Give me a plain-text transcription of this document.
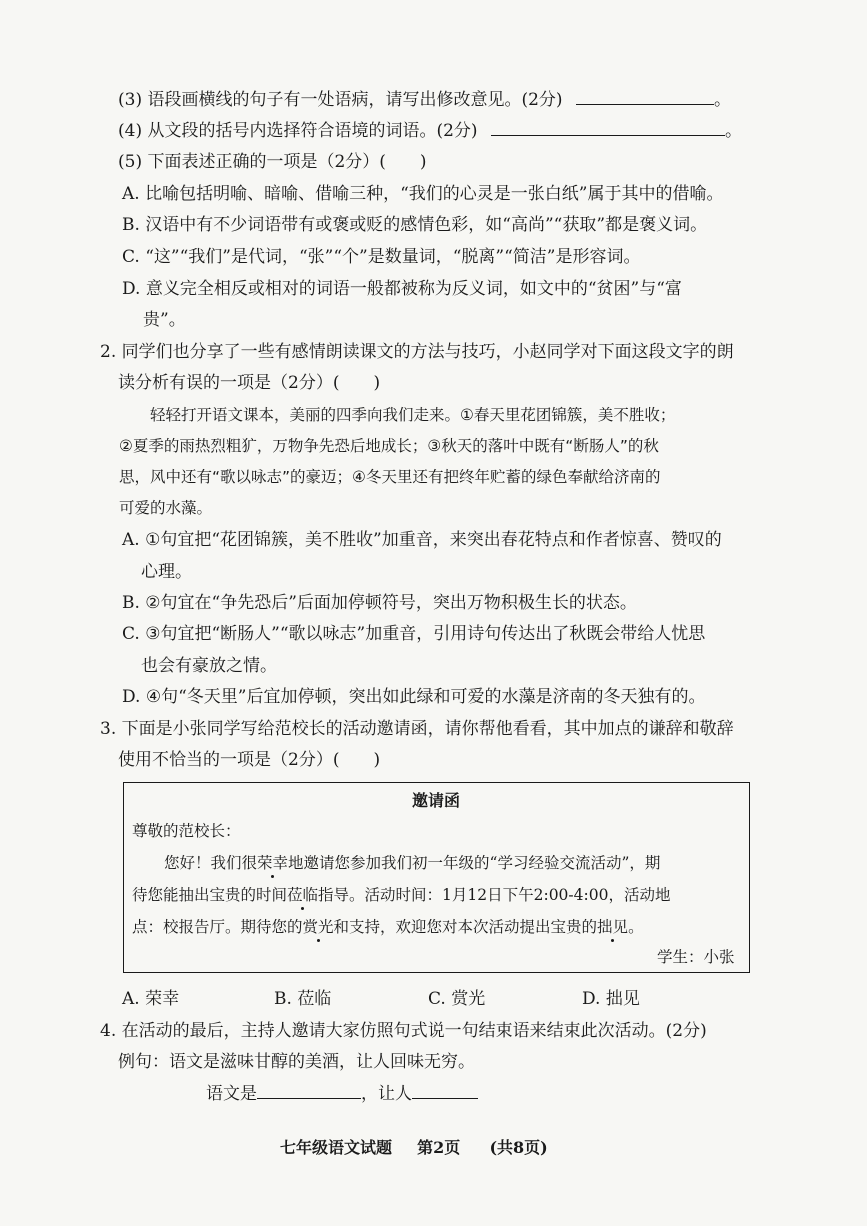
(3) 语段画横线的句子有一处语病，请写出修改意见。(2分)	。
(4) 从文段的括号内选择符合语境的词语。(2分)	。
(5) 下面表述正确的一项是（2分）(　　)
A. 比喻包括明喻、暗喻、借喻三种，“我们的心灵是一张白纸”属于其中的借喻。
B. 汉语中有不少词语带有或褒或贬的感情色彩，如“高尚”“获取”都是褒义词。
C. “这”“我们”是代词，“张”“个”是数量词，“脱离”“简洁”是形容词。
D. 意义完全相反或相对的词语一般都被称为反义词，如文中的“贫困”与“富
贵”。
2. 同学们也分享了一些有感情朗读课文的方法与技巧，小赵同学对下面这段文字的朗
读分析有误的一项是（2分）(　　)
轻轻打开语文课本，美丽的四季向我们走来。①春天里花团锦簇，美不胜收；
②夏季的雨热烈粗犷，万物争先恐后地成长；③秋天的落叶中既有“断肠人”的秋
思，风中还有“歌以咏志”的豪迈；④冬天里还有把终年贮蓄的绿色奉献给济南的
可爱的水藻。
A. ①句宜把“花团锦簇，美不胜收”加重音，来突出春花特点和作者惊喜、赞叹的
心理。
B. ②句宜在“争先恐后”后面加停顿符号，突出万物积极生长的状态。
C. ③句宜把“断肠人”“歌以咏志”加重音，引用诗句传达出了秋既会带给人忧思
也会有豪放之情。
D. ④句“冬天里”后宜加停顿，突出如此绿和可爱的水藻是济南的冬天独有的。
3. 下面是小张同学写给范校长的活动邀请函，请你帮他看看，其中加点的谦辞和敬辞
使用不恰当的一项是（2分）(　　)
邀请函
尊敬的范校长：
您好！我们很荣幸地邀请您参加我们初一年级的“学习经验交流活动”，期
待您能抽出宝贵的时间莅临指导。活动时间：1月12日下午2:00-4:00，活动地
点：校报告厅。期待您的赏光和支持，欢迎您对本次活动提出宝贵的拙见。
学生：小张
A. 荣幸	B. 莅临	C. 赏光	D. 拙见
4. 在活动的最后，主持人邀请大家仿照句式说一句结束语来结束此次活动。(2分)
例句：语文是滋味甘醇的美酒，让人回味无穷。
语文是	，让人
七年级语文试题 第2页 (共8页)
